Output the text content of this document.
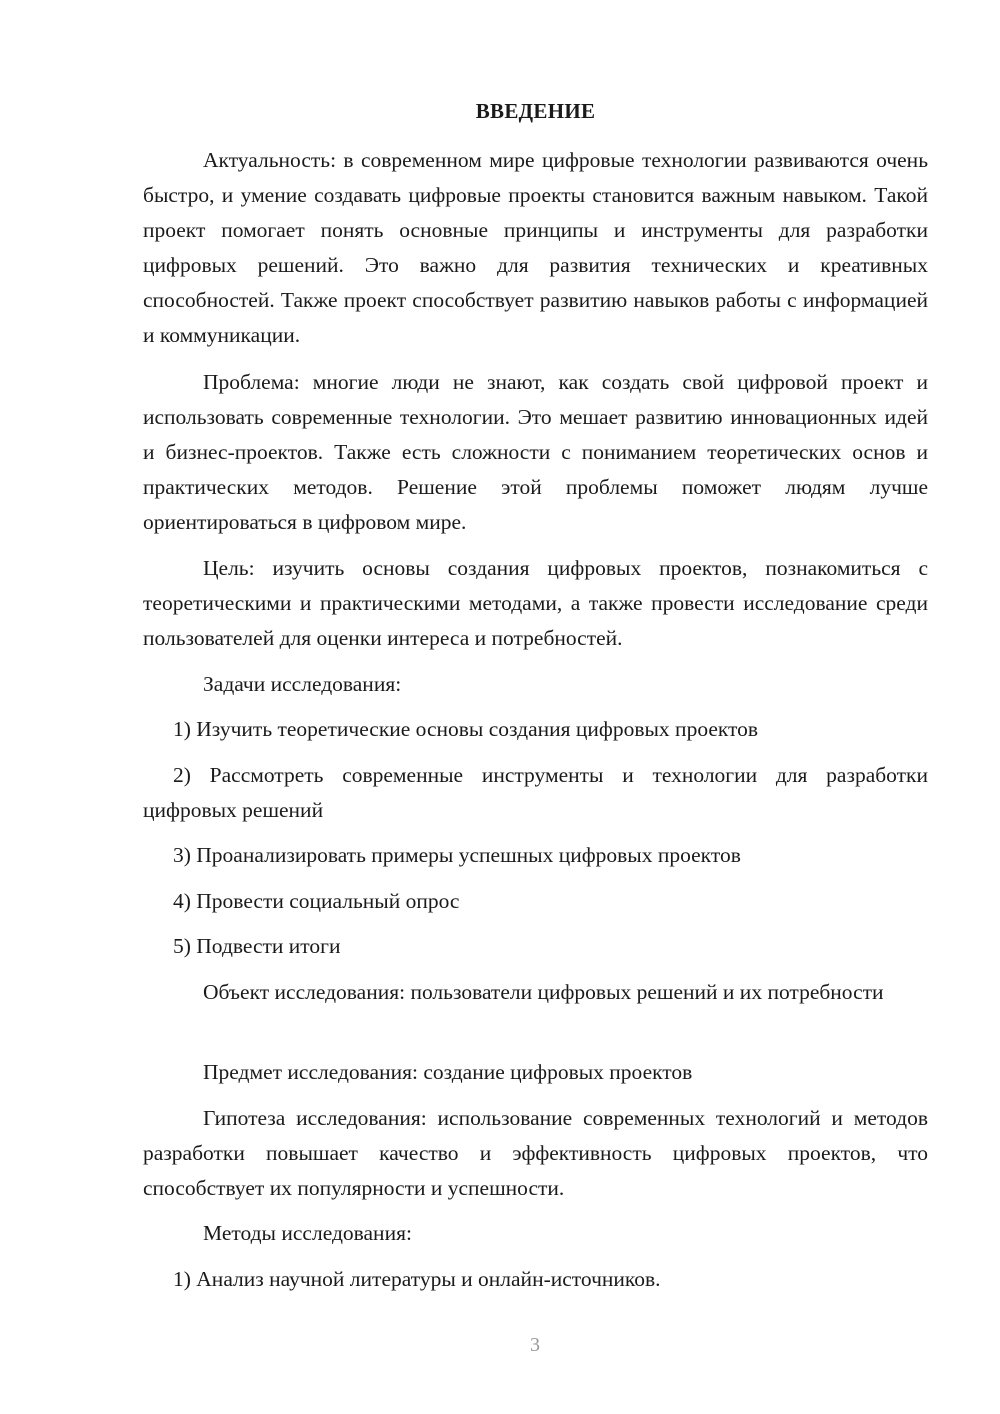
ВВЕДЕНИЕ

Актуальность: в современном мире цифровые технологии развиваются очень быстро, и умение создавать цифровые проекты становится важным навыком. Такой проект помогает понять основные принципы и инструменты для разработки цифровых решений. Это важно для развития технических и креативных способностей. Также проект способствует развитию навыков работы с информацией и коммуникации.

Проблема: многие люди не знают, как создать свой цифровой проект и использовать современные технологии. Это мешает развитию инновационных идей и бизнес-проектов. Также есть сложности с пониманием теоретических основ и практических методов. Решение этой проблемы поможет людям лучше ориентироваться в цифровом мире.

Цель: изучить основы создания цифровых проектов, познакомиться с теоретическими и практическими методами, а также провести исследование среди пользователей для оценки интереса и потребностей.

Задачи исследования:

1) Изучить теоретические основы создания цифровых проектов

2) Рассмотреть современные инструменты и технологии для разработки цифровых решений

3) Проанализировать примеры успешных цифровых проектов

4) Провести социальный опрос

5) Подвести итоги

Объект исследования: пользователи цифровых решений и их потребности

Предмет исследования: создание цифровых проектов

Гипотеза исследования: использование современных технологий и методов разработки повышает качество и эффективность цифровых проектов, что способствует их популярности и успешности.

Методы исследования:

1) Анализ научной литературы и онлайн-источников.

3
